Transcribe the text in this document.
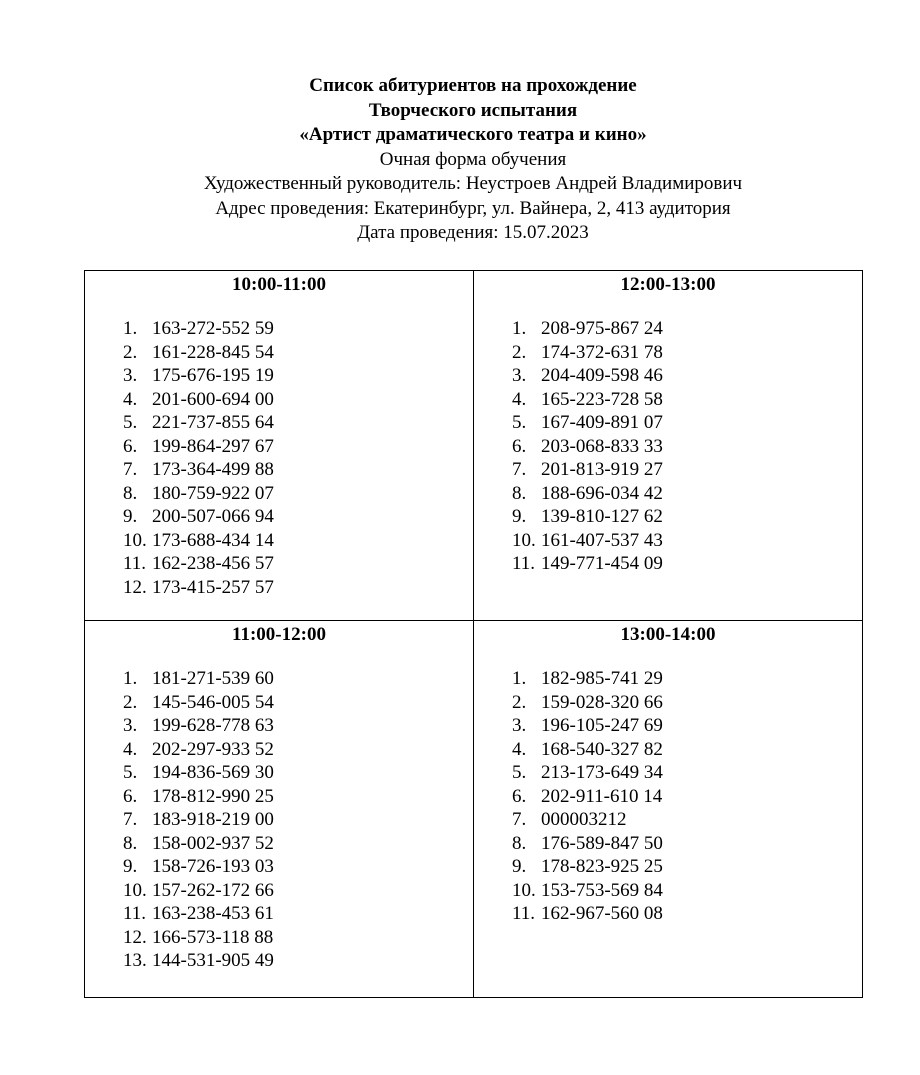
Список абитуриентов на прохождение
Творческого испытания
«Артист драматического театра и кино»
Очная форма обучения
Художественный руководитель: Неустроев Андрей Владимирович
Адрес проведения: Екатеринбург, ул. Вайнера, 2, 413 аудитория
Дата проведения: 15.07.2023
10:00-11:00
1. 163-272-552 59
2. 161-228-845 54
3. 175-676-195 19
4. 201-600-694 00
5. 221-737-855 64
6. 199-864-297 67
7. 173-364-499 88
8. 180-759-922 07
9. 200-507-066 94
10. 173-688-434 14
11. 162-238-456 57
12. 173-415-257 57
12:00-13:00
1. 208-975-867 24
2. 174-372-631 78
3. 204-409-598 46
4. 165-223-728 58
5. 167-409-891 07
6. 203-068-833 33
7. 201-813-919 27
8. 188-696-034 42
9. 139-810-127 62
10. 161-407-537 43
11. 149-771-454 09
11:00-12:00
1. 181-271-539 60
2. 145-546-005 54
3. 199-628-778 63
4. 202-297-933 52
5. 194-836-569 30
6. 178-812-990 25
7. 183-918-219 00
8. 158-002-937 52
9. 158-726-193 03
10. 157-262-172 66
11. 163-238-453 61
12. 166-573-118 88
13. 144-531-905 49
13:00-14:00
1. 182-985-741 29
2. 159-028-320 66
3. 196-105-247 69
4. 168-540-327 82
5. 213-173-649 34
6. 202-911-610 14
7. 000003212
8. 176-589-847 50
9. 178-823-925 25
10. 153-753-569 84
11. 162-967-560 08
